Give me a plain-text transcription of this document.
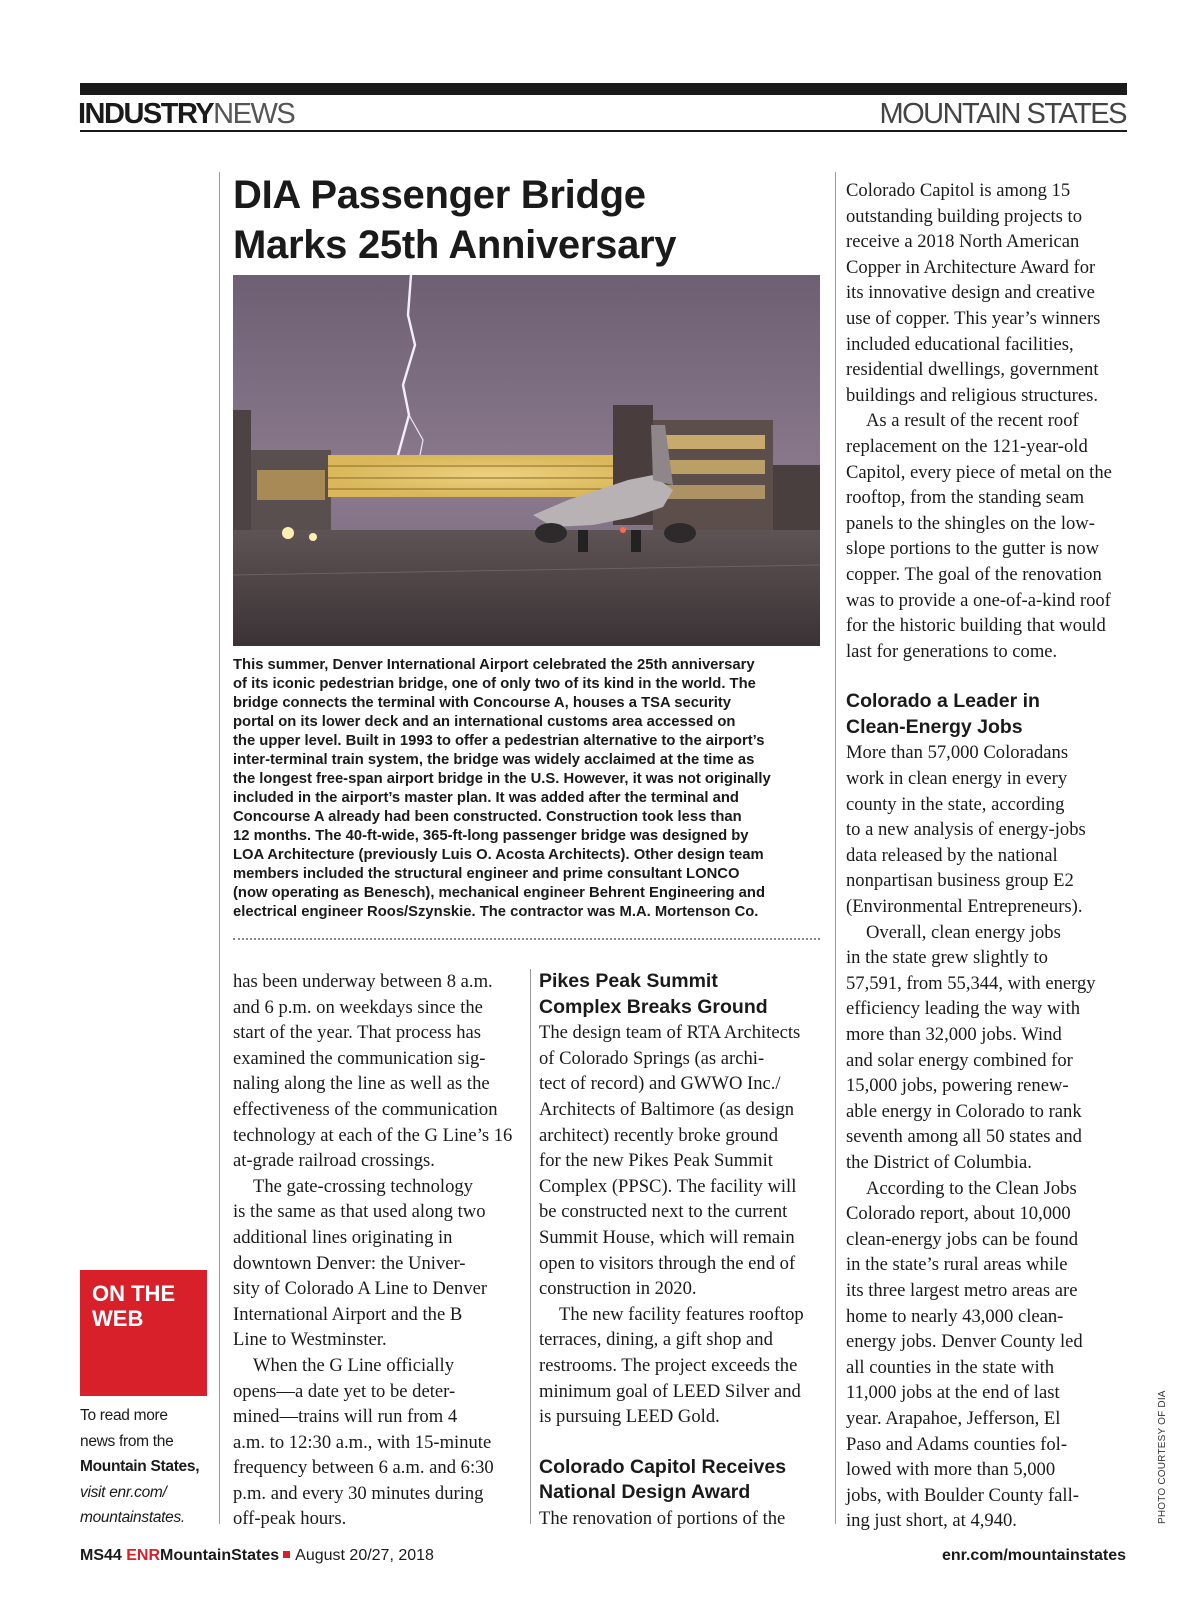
INDUSTRYNEWS	MOUNTAIN STATES
DIA Passenger Bridge
Marks 25th Anniversary
This summer, Denver International Airport celebrated the 25th anniversary
of its iconic pedestrian bridge, one of only two of its kind in the world. The
bridge connects the terminal with Concourse A, houses a TSA security
portal on its lower deck and an international customs area accessed on
the upper level. Built in 1993 to offer a pedestrian alternative to the airport’s
inter-terminal train system, the bridge was widely acclaimed at the time as
the longest free-span airport bridge in the U.S. However, it was not originally
included in the airport’s master plan. It was added after the terminal and
Concourse A already had been constructed. Construction took less than
12 months. The 40-ft-wide, 365-ft-long passenger bridge was designed by
LOA Architecture (previously Luis O. Acosta Architects). Other design team
members included the structural engineer and prime consultant LONCO
(now operating as Benesch), mechanical engineer Behrent Engineering and
electrical engineer Roos/Szynskie. The contractor was M.A. Mortenson Co.
has been underway between 8 a.m.
and 6 p.m. on weekdays since the
start of the year. That process has
examined the communication sig-
naling along the line as well as the
effectiveness of the communication
technology at each of the G Line’s 16
at-grade railroad crossings.
The gate-crossing technology
is the same as that used along two
additional lines originating in
downtown Denver: the Univer-
sity of Colorado A Line to Denver
International Airport and the B
Line to Westminster.
When the G Line officially
opens—a date yet to be deter-
mined—trains will run from 4
a.m. to 12:30 a.m., with 15-minute
frequency between 6 a.m. and 6:30
p.m. and every 30 minutes during
off-peak hours.
Pikes Peak Summit
Complex Breaks Ground
The design team of RTA Architects
of Colorado Springs (as archi-
tect of record) and GWWO Inc./
Architects of Baltimore (as design
architect) recently broke ground
for the new Pikes Peak Summit
Complex (PPSC). The facility will
be constructed next to the current
Summit House, which will remain
open to visitors through the end of
construction in 2020.
The new facility features rooftop
terraces, dining, a gift shop and
restrooms. The project exceeds the
minimum goal of LEED Silver and
is pursuing LEED Gold.
Colorado Capitol Receives
National Design Award
The renovation of portions of the
Colorado Capitol is among 15
outstanding building projects to
receive a 2018 North American
Copper in Architecture Award for
its innovative design and creative
use of copper. This year’s winners
included educational facilities,
residential dwellings, government
buildings and religious structures.
As a result of the recent roof
replacement on the 121-year-old
Capitol, every piece of metal on the
rooftop, from the standing seam
panels to the shingles on the low-
slope portions to the gutter is now
copper. The goal of the renovation
was to provide a one-of-a-kind roof
for the historic building that would
last for generations to come.
Colorado a Leader in
Clean-Energy Jobs
More than 57,000 Coloradans
work in clean energy in every
county in the state, according
to a new analysis of energy-jobs
data released by the national
nonpartisan business group E2
(Environmental Entrepreneurs).
Overall, clean energy jobs
in the state grew slightly to
57,591, from 55,344, with energy
efficiency leading the way with
more than 32,000 jobs. Wind
and solar energy combined for
15,000 jobs, powering renew-
able energy in Colorado to rank
seventh among all 50 states and
the District of Columbia.
According to the Clean Jobs
Colorado report, about 10,000
clean-energy jobs can be found
in the state’s rural areas while
its three largest metro areas are
home to nearly 43,000 clean-
energy jobs. Denver County led
all counties in the state with
11,000 jobs at the end of last
year. Arapahoe, Jefferson, El
Paso and Adams counties fol-
lowed with more than 5,000
jobs, with Boulder County fall-
ing just short, at 4,940.
ON THE
WEB
To read more
news from the
Mountain States,
visit enr.com/
mountainstates.	PHOTO COURTESY OF DIA
MS44 ENRMountainStates August 20/27, 2018	enr.com/mountainstates
